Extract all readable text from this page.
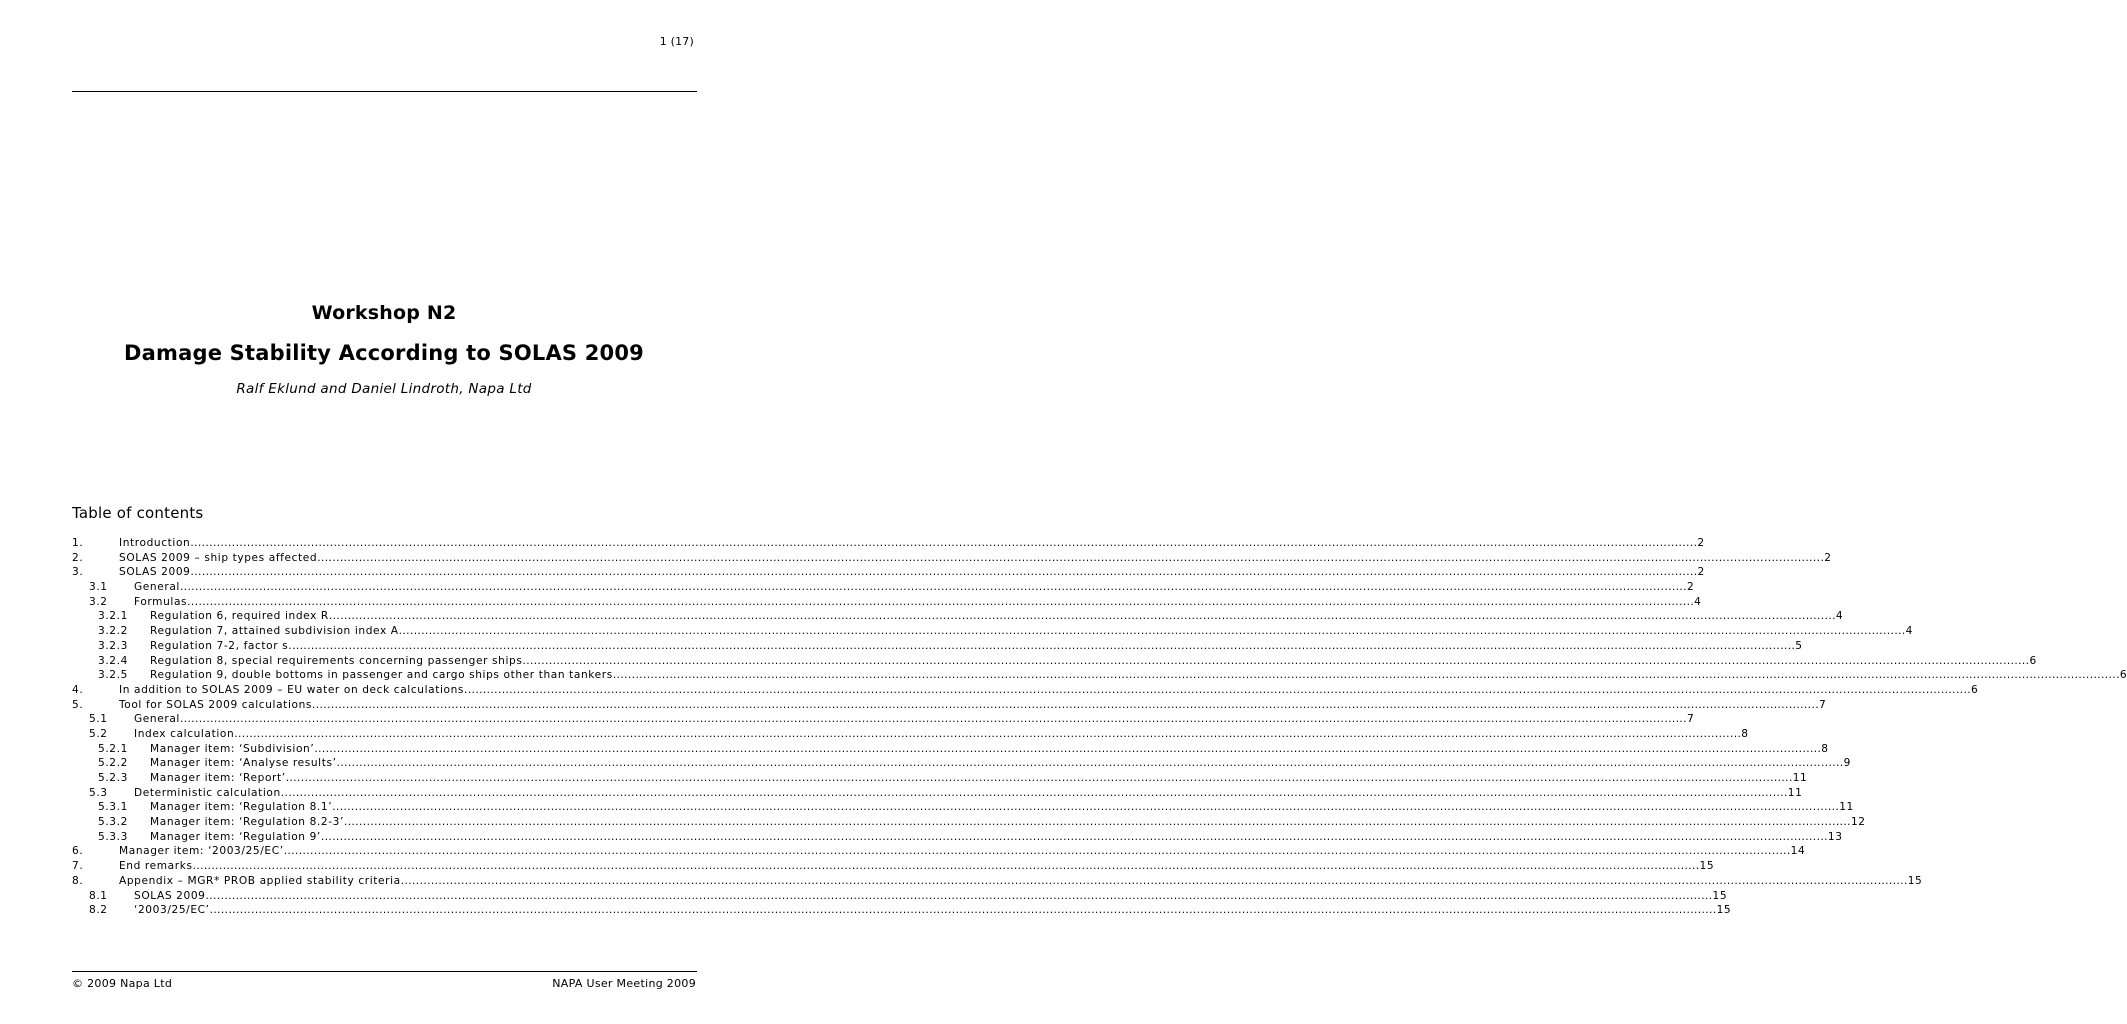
1 (17)
Workshop N2
Damage Stability According to SOLAS 2009
Ralf Eklund and Daniel Lindroth, Napa Ltd
Table of contents
1.	Introduction ................................................................................................................................................................................................................................................................................................................................................................................................................ 2
2.	SOLAS 2009 – ship types affected ................................................................................................................................................................................................................................................................................................................................................................................................................ 2
3.	SOLAS 2009 ................................................................................................................................................................................................................................................................................................................................................................................................................ 2
3.1 General ................................................................................................................................................................................................................................................................................................................................................................................................................ 2
3.2 Formulas ................................................................................................................................................................................................................................................................................................................................................................................................................ 4
3.2.1 Regulation 6, required index R ................................................................................................................................................................................................................................................................................................................................................................................................................ 4
3.2.2 Regulation 7, attained subdivision index A ................................................................................................................................................................................................................................................................................................................................................................................................................ 4
3.2.3 Regulation 7-2, factor s ................................................................................................................................................................................................................................................................................................................................................................................................................ 5
3.2.4 Regulation 8, special requirements concerning passenger ships ................................................................................................................................................................................................................................................................................................................................................................................................................ 6
3.2.5 Regulation 9, double bottoms in passenger and cargo ships other than tankers ................................................................................................................................................................................................................................................................................................................................................................................................................ 6
4.	In addition to SOLAS 2009 – EU water on deck calculations ................................................................................................................................................................................................................................................................................................................................................................................................................ 6
5.	Tool for SOLAS 2009 calculations ................................................................................................................................................................................................................................................................................................................................................................................................................ 7
5.1 General ................................................................................................................................................................................................................................................................................................................................................................................................................ 7
5.2 Index calculation ................................................................................................................................................................................................................................................................................................................................................................................................................ 8
5.2.1 Manager item: ‘Subdivision’ ................................................................................................................................................................................................................................................................................................................................................................................................................ 8
5.2.2 Manager item: ‘Analyse results’ ................................................................................................................................................................................................................................................................................................................................................................................................................ 9
5.2.3 Manager item: ‘Report’ ................................................................................................................................................................................................................................................................................................................................................................................................................ 11
5.3 Deterministic calculation ................................................................................................................................................................................................................................................................................................................................................................................................................ 11
5.3.1 Manager item: ‘Regulation 8.1’ ................................................................................................................................................................................................................................................................................................................................................................................................................ 11
5.3.2 Manager item: ‘Regulation 8.2-3’ ................................................................................................................................................................................................................................................................................................................................................................................................................ 12
5.3.3 Manager item: ‘Regulation 9’ ................................................................................................................................................................................................................................................................................................................................................................................................................ 13
6.	Manager item: ‘2003/25/EC’ ................................................................................................................................................................................................................................................................................................................................................................................................................ 14
7.	End remarks ................................................................................................................................................................................................................................................................................................................................................................................................................ 15
8.	Appendix – MGR* PROB applied stability criteria ................................................................................................................................................................................................................................................................................................................................................................................................................ 15
8.1 SOLAS 2009 ................................................................................................................................................................................................................................................................................................................................................................................................................ 15
8.2 ‘2003/25/EC’ ................................................................................................................................................................................................................................................................................................................................................................................................................ 15
© 2009 Napa Ltd	NAPA User Meeting 2009
